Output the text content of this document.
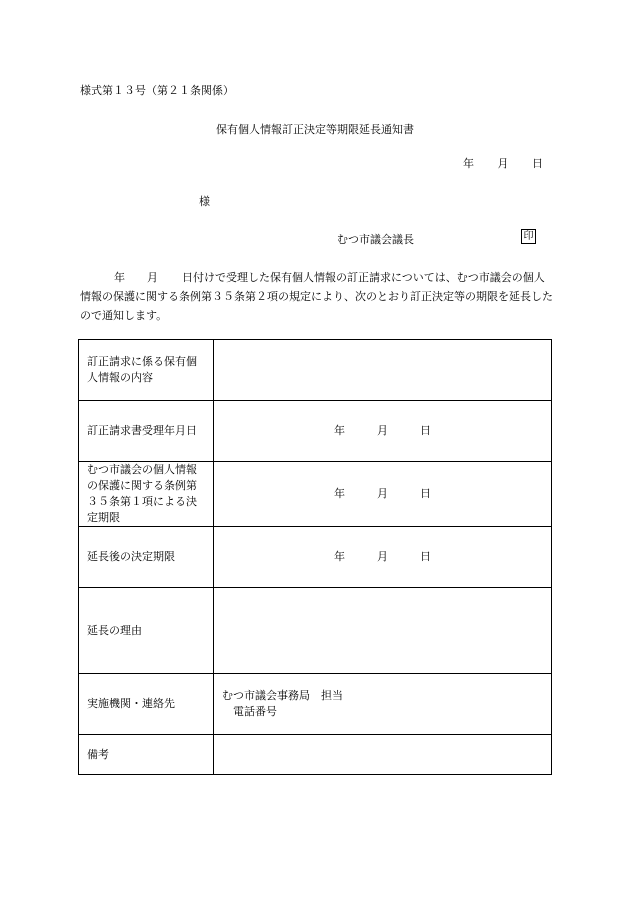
様式第１３号（第２１条関係）
保有個人情報訂正決定等期限延長通知書
年 月 日
様
むつ市議会議長	印
年 月 日付けで受理した保有個人情報の訂正請求については、むつ市議会の個人情報の保護に関する条例第３５条第２項の規定により、次のとおり訂正決定等の期限を延長したので通知します。
訂正請求に係る保有個人情報の内容	
訂正請求書受理年月日	年 月 日
むつ市議会の個人情報の保護に関する条例第３５条第１項による決定期限	年 月 日
延長後の決定期限	年 月 日
延長の理由	
実施機関・連絡先	むつ市議会事務局　担当
電話番号

備考	
